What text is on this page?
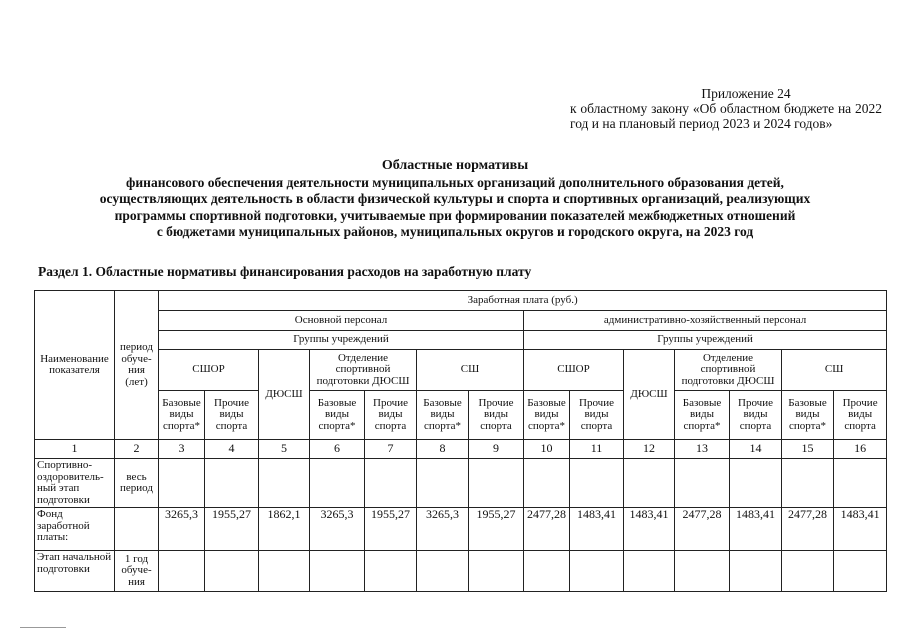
Приложение 24
к областному закону «Об областном бюджете на 2022 год и на плановый период 2023 и 2024 годов»
Областные нормативы
финансового обеспечения деятельности муниципальных организаций дополнительного образования детей,
осуществляющих деятельность в области физической культуры и спорта и спортивных организаций, реализующих
программы спортивной подготовки, учитываемые при формировании показателей межбюджетных отношений
с бюджетами муниципальных районов, муниципальных округов и городского округа, на 2023 год
Раздел 1. Областные нормативы финансирования расходов на заработную плату
Наименование показателя	период обуче-ния (лет)	Заработная плата (руб.)													
		Основной персонал							административно-хозяйственный персонал						
		Группы учреждений							Группы учреждений						
		СШОР		ДЮСШ	Отделение спортивной подготовки ДЮСШ		СШ		СШОР		ДЮСШ	Отделение спортивной подготовки ДЮСШ		СШ	
		Базовые виды спорта*	Прочие виды спорта		Базовые виды спорта*	Прочие виды спорта	Базовые виды спорта*	Прочие виды спорта	Базовые виды спорта*	Прочие виды спорта		Базовые виды спорта*	Прочие виды спорта	Базовые виды спорта*	Прочие виды спорта
1	2	3	4	5	6	7	8	9	10	11	12	13	14	15	16
Спортивно-оздоровитель-ный этап подготовки	весь период														
Фонд заработной платы:		3265,3	1955,27	1862,1	3265,3	1955,27	3265,3	1955,27	2477,28	1483,41	1483,41	2477,28	1483,41	2477,28	1483,41
Этап начальной подготовки	1 год обуче-ния														
